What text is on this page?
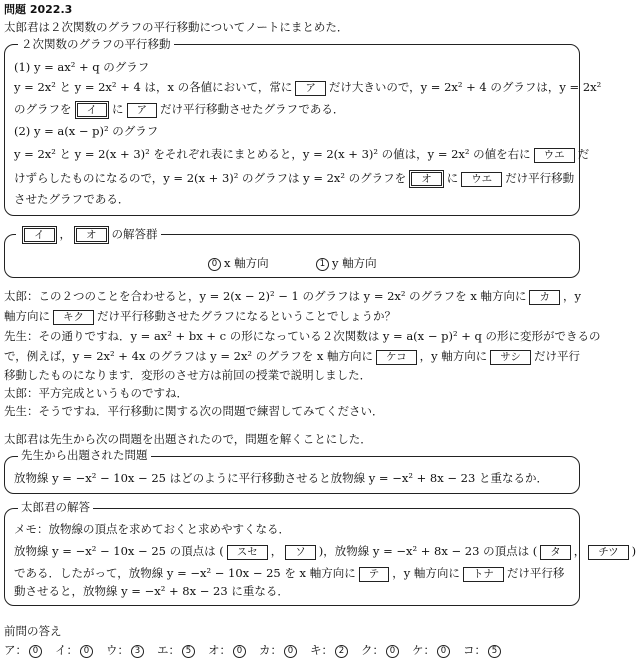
問題 2022.3
太郎君は２次関数のグラフの平行移動についてノートにまとめた．
２次関数のグラフの平行移動
(1) y = ax² + q のグラフ
y = 2x² と y = 2x² + 4 は，x の各値において，常に ア だけ大きいので，y = 2x² + 4 のグラフは，y = 2x²
のグラフを イ に ア だけ平行移動させたグラフである．
(2) y = a(x − p)² のグラフ
y = 2x² と y = 2(x + 3)² をそれぞれ表にまとめると，y = 2(x + 3)² の値は，y = 2x² の値を右に ウエ だ
けずらしたものになるので，y = 2(x + 3)² のグラフは y = 2x² のグラフを オ に ウエ だけ平行移動
させたグラフである．
イ ， オ の解答群
0 x 軸方向	1 y 軸方向
太郎：この２つのことを合わせると，y = 2(x − 2)² − 1 のグラフは y = 2x² のグラフを x 軸方向に カ ，y
軸方向に キク だけ平行移動させたグラフになるということでしょうか？
先生：その通りですね．y = ax² + bx + c の形になっている２次関数は y = a(x − p)² + q の形に変形ができるの
で，例えば，y = 2x² + 4x のグラフは y = 2x² のグラフを x 軸方向に ケコ ，y 軸方向に サシ だけ平行
移動したものになります．変形のさせ方は前回の授業で説明しました．
太郎：平方完成というものですね．
先生：そうですね．平行移動に関する次の問題で練習してみてください．
太郎君は先生から次の問題を出題されたので，問題を解くことにした．
先生から出題された問題
放物線 y = −x² − 10x − 25 はどのように平行移動させると放物線 y = −x² + 8x − 23 と重なるか．
太郎君の解答
メモ：放物線の頂点を求めておくと求めやすくなる．
放物線 y = −x² − 10x − 25 の頂点は ( スセ ， ソ )，放物線 y = −x² + 8x − 23 の頂点は ( タ ， チツ )
である．したがって，放物線 y = −x² − 10x − 25 を x 軸方向に テ ，y 軸方向に トナ だけ平行移
動させると，放物線 y = −x² + 8x − 23 に重なる．
前問の答え
ア： 0 イ： 0 ウ： 3 エ： 5 オ： 0 カ： 0 キ： 2 ク： 0 ケ： 0 コ： 5
